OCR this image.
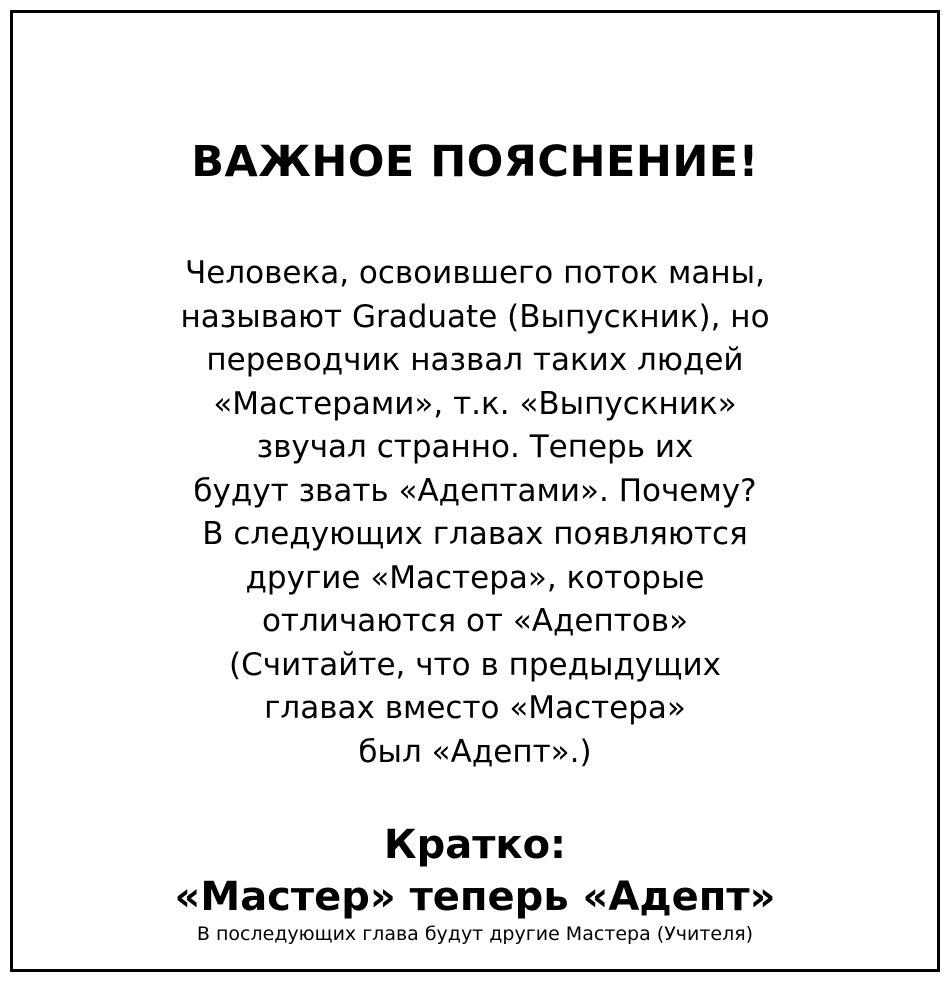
ВАЖНОЕ ПОЯСНЕНИЕ!
Человека, освоившего поток маны,
называют Graduate (Выпускник), но
переводчик назвал таких людей
«Мастерами», т.к. «Выпускник»
звучал странно. Теперь их
будут звать «Адептами». Почему?
В следующих главах появляются
другие «Мастера», которые
отличаются от «Адептов»
(Считайте, что в предыдущих
главах вместо «Мастера»
был «Адепт».)
Кратко:
«Мастер» теперь «Адепт»
В последующих глава будут другие Мастера (Учителя)
